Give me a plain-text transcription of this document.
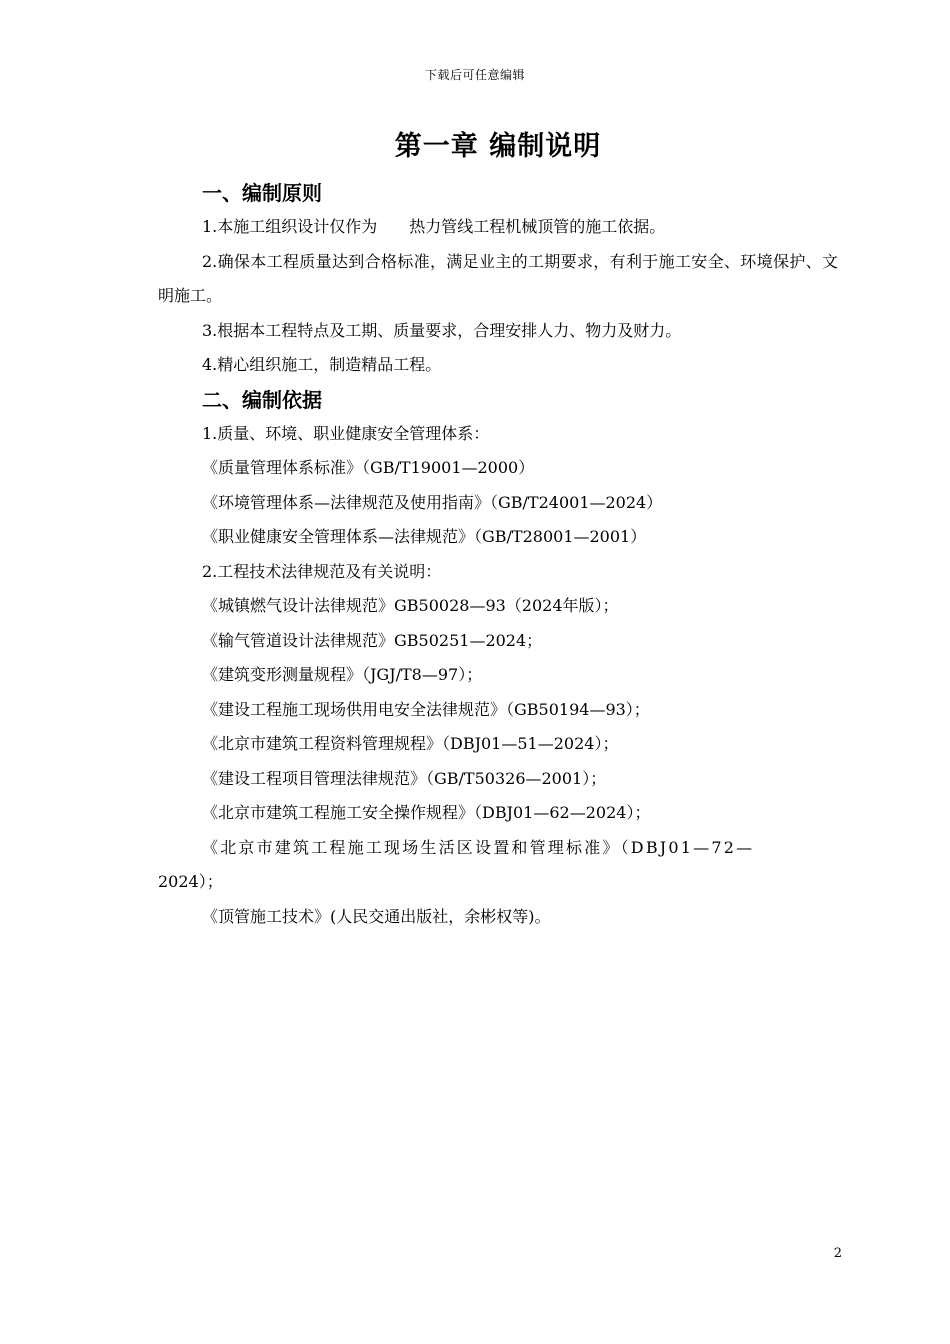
下载后可任意编辑
第一章 编制说明
一、编制原则

1.本施工组织设计仅作为　　热力管线工程机械顶管的施工依据。

2.确保本工程质量达到合格标准，满足业主的工期要求，有利于施工安全、环境保护、文明施工。

3.根据本工程特点及工期、质量要求，合理安排人力、物力及财力。

4.精心组织施工，制造精品工程。

二、编制依据

1.质量、环境、职业健康安全管理体系：

《质量管理体系标准》（GB/T19001—2000）

《环境管理体系—法律规范及使用指南》（GB/T24001—2024）

《职业健康安全管理体系—法律规范》（GB/T28001—2001）

2.工程技术法律规范及有关说明：

《城镇燃气设计法律规范》GB50028—93（2024年版）；

《输气管道设计法律规范》GB50251—2024；

《建筑变形测量规程》（JGJ/T8—97）；

《建设工程施工现场供用电安全法律规范》（GB50194—93）；

《北京市建筑工程资料管理规程》（DBJ01—51—2024）；

《建设工程项目管理法律规范》（GB/T50326—2001）；

《北京市建筑工程施工安全操作规程》（DBJ01—62—2024）；

《北京市建筑工程施工现场生活区设置和管理标准》（DBJ01—72—
2024）；

《顶管施工技术》(人民交通出版社，余彬权等)。

2
